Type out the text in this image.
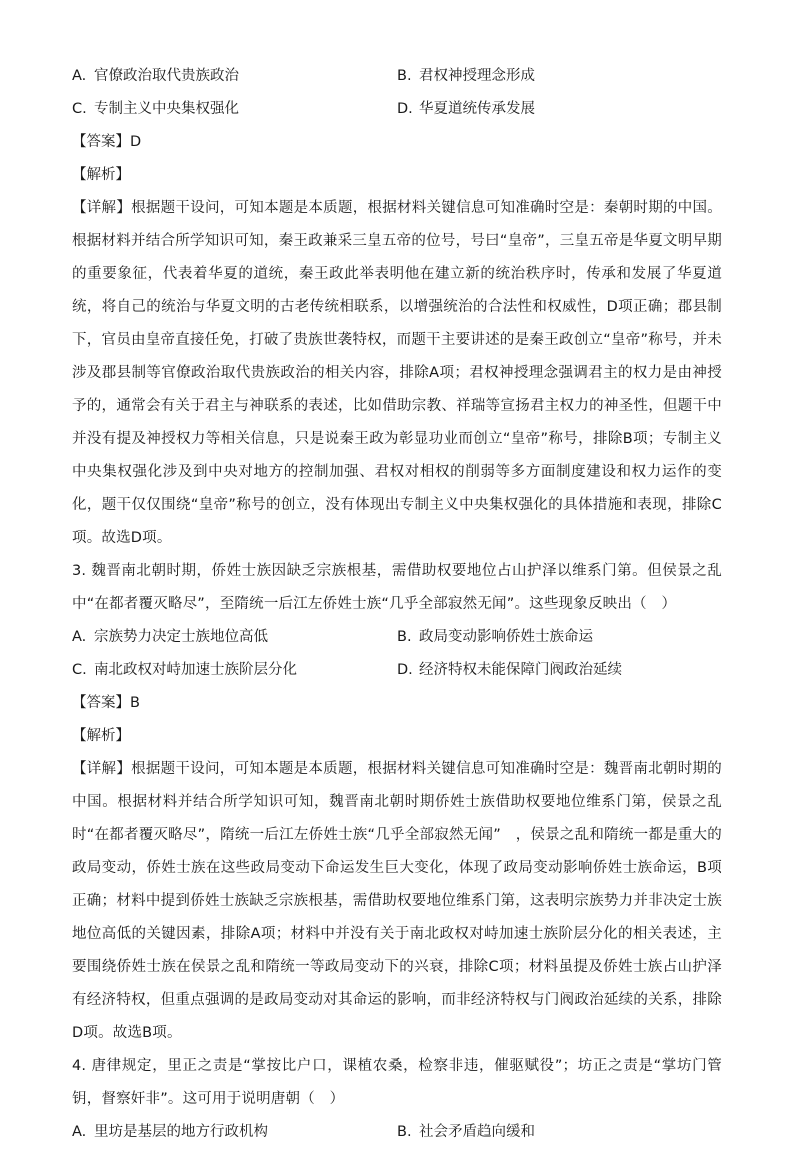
A. 官僚政治取代贵族政治	B. 君权神授理念形成
C. 专制主义中央集权强化	D. 华夏道统传承发展
【答案】D
【解析】
【详解】根据题干设问，可知本题是本质题，根据材料关键信息可知准确时空是：秦朝时期的中国。根据材料并结合所学知识可知，秦王政兼采三皇五帝的位号，号曰“皇帝”，三皇五帝是华夏文明早期的重要象征，代表着华夏的道统，秦王政此举表明他在建立新的统治秩序时，传承和发展了华夏道统，将自己的统治与华夏文明的古老传统相联系，以增强统治的合法性和权威性，D项正确；郡县制下，官员由皇帝直接任免，打破了贵族世袭特权，而题干主要讲述的是秦王政创立“皇帝”称号，并未涉及郡县制等官僚政治取代贵族政治的相关内容，排除A项；君权神授理念强调君主的权力是由神授予的，通常会有关于君主与神联系的表述，比如借助宗教、祥瑞等宣扬君主权力的神圣性，但题干中并没有提及神授权力等相关信息，只是说秦王政为彰显功业而创立“皇帝”称号，排除B项；专制主义中央集权强化涉及到中央对地方的控制加强、君权对相权的削弱等多方面制度建设和权力运作的变化，题干仅仅围绕“皇帝”称号的创立，没有体现出专制主义中央集权强化的具体措施和表现，排除C项。故选D项。
3. 魏晋南北朝时期，侨姓士族因缺乏宗族根基，需借助权要地位占山护泽以维系门第。但侯景之乱中“在都者覆灭略尽”，至隋统一后江左侨姓士族“几乎全部寂然无闻”。这些现象反映出（　）
A. 宗族势力决定士族地位高低	B. 政局变动影响侨姓士族命运
C. 南北政权对峙加速士族阶层分化	D. 经济特权未能保障门阀政治延续
【答案】B
【解析】
【详解】根据题干设问，可知本题是本质题，根据材料关键信息可知准确时空是：魏晋南北朝时期的中国。根据材料并结合所学知识可知，魏晋南北朝时期侨姓士族借助权要地位维系门第，侯景之乱时“在都者覆灭略尽”，隋统一后江左侨姓士族“几乎全部寂然无闻”　，侯景之乱和隋统一都是重大的政局变动，侨姓士族在这些政局变动下命运发生巨大变化，体现了政局变动影响侨姓士族命运，B项正确；材料中提到侨姓士族缺乏宗族根基，需借助权要地位维系门第，这表明宗族势力并非决定士族地位高低的关键因素，排除A项；材料中并没有关于南北政权对峙加速士族阶层分化的相关表述，主要围绕侨姓士族在侯景之乱和隋统一等政局变动下的兴衰，排除C项；材料虽提及侨姓士族占山护泽有经济特权，但重点强调的是政局变动对其命运的影响，而非经济特权与门阀政治延续的关系，排除D项。故选B项。
4. 唐律规定，里正之责是“掌按比户口，课植农桑，检察非违，催驱赋役”；坊正之责是“掌坊门管钥，督察奸非”。这可用于说明唐朝（　）
A. 里坊是基层的地方行政机构	B. 社会矛盾趋向缓和
